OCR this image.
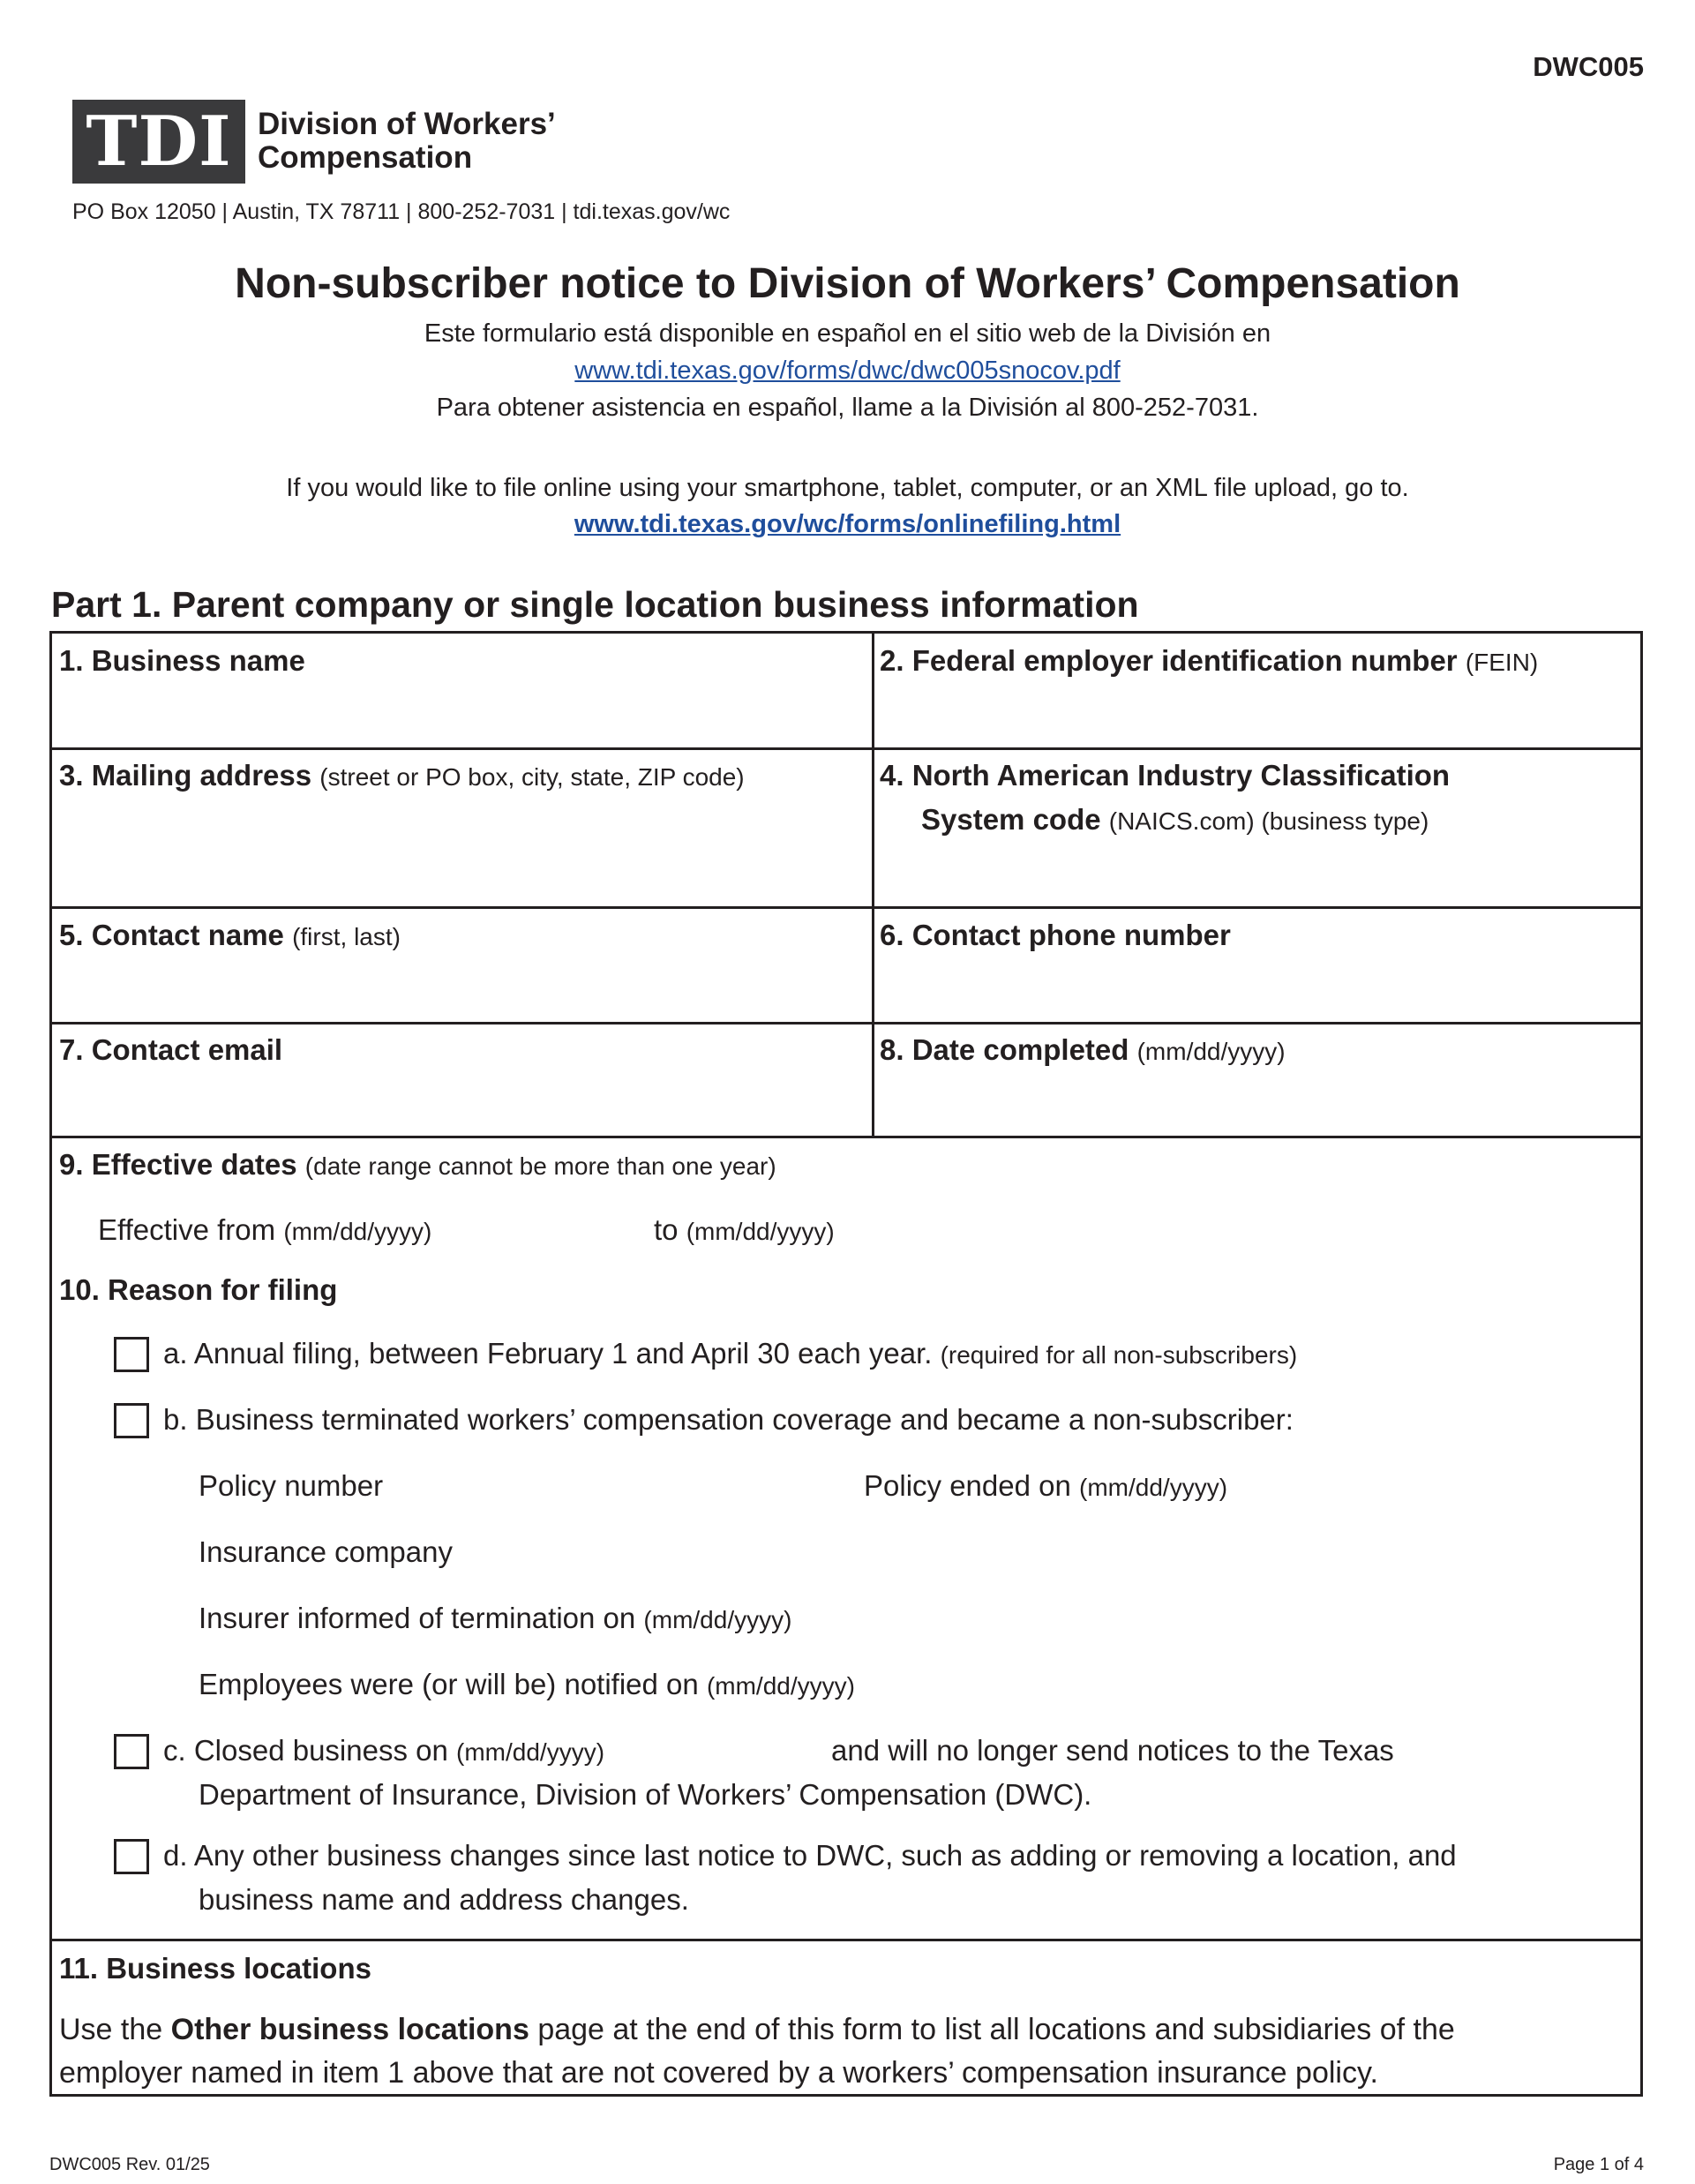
DWC005
TDI Division of Workers’
Compensation
PO Box 12050 | Austin, TX 78711 | 800-252-7031 | tdi.texas.gov/wc
Non-subscriber notice to Division of Workers’ Compensation
Este formulario está disponible en español en el sitio web de la División en
www.tdi.texas.gov/forms/dwc/dwc005snocov.pdf
Para obtener asistencia en español, llame a la División al 800-252-7031.
If you would like to file online using your smartphone, tablet, computer, or an XML file upload, go to.
www.tdi.texas.gov/wc/forms/onlinefiling.html
Part 1. Parent company or single location business information
1. Business name	2. Federal employer identification number (FEIN)
3. Mailing address (street or PO box, city, state, ZIP code)	4. North American Industry Classification
System code (NAICS.com) (business type)
5. Contact name (first, last)	6. Contact phone number
7. Contact email	8. Date completed (mm/dd/yyyy)
9. Effective dates (date range cannot be more than one year)
Effective from (mm/dd/yyyy)	to (mm/dd/yyyy)
10. Reason for filing
a. Annual filing, between February 1 and April 30 each year. (required for all non-subscribers)
b. Business terminated workers’ compensation coverage and became a non-subscriber:
Policy number	Policy ended on (mm/dd/yyyy)
Insurance company
Insurer informed of termination on (mm/dd/yyyy)
Employees were (or will be) notified on (mm/dd/yyyy)
c. Closed business on (mm/dd/yyyy)	and will no longer send notices to the Texas
Department of Insurance, Division of Workers’ Compensation (DWC).
d. Any other business changes since last notice to DWC, such as adding or removing a location, and
business name and address changes.
11. Business locations
Use the Other business locations page at the end of this form to list all locations and subsidiaries of the
employer named in item 1 above that are not covered by a workers’ compensation insurance policy.
DWC005 Rev. 01/25	Page 1 of 4
